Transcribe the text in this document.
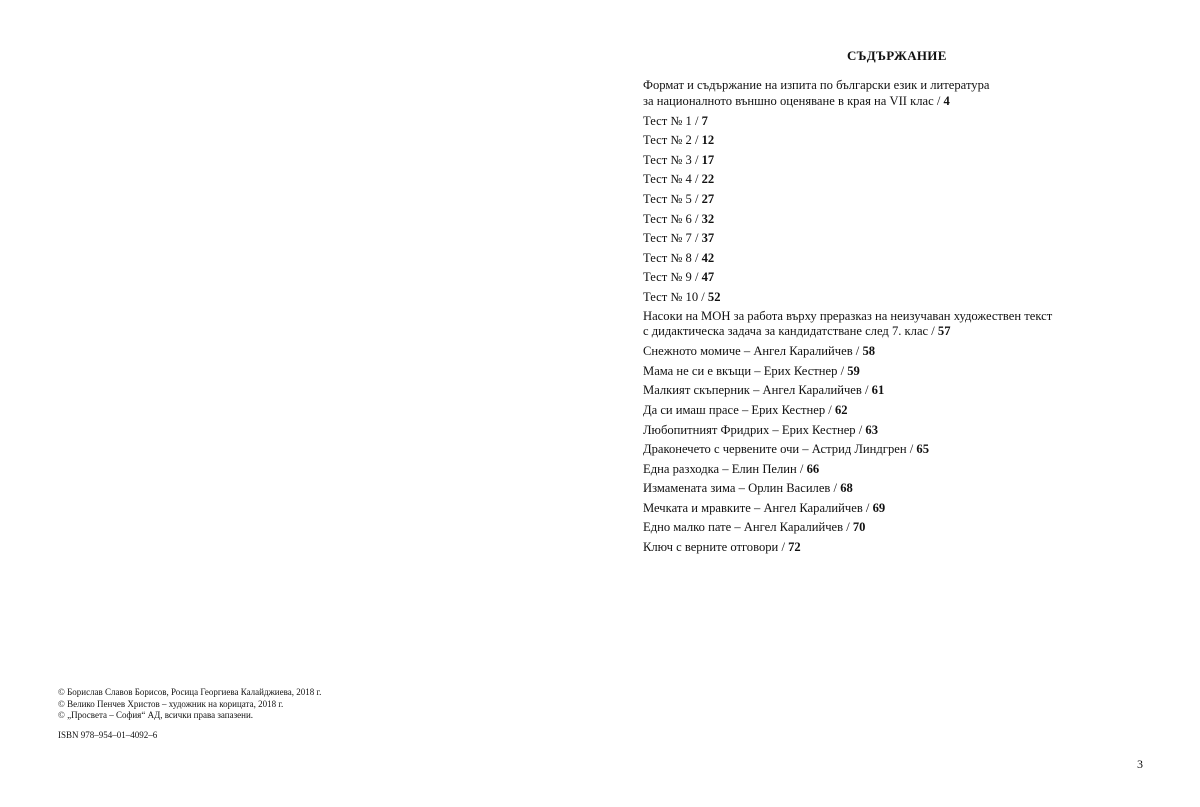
СЪДЪРЖАНИЕ
Формат и съдържание на изпита по български език и литература
за националното външно оценяване в края на VII клас / 4
Тест № 1 / 7
Тест № 2 / 12
Тест № 3 / 17
Тест № 4 / 22
Тест № 5 / 27
Тест № 6 / 32
Тест № 7 / 37
Тест № 8 / 42
Тест № 9 / 47
Тест № 10 / 52
Насоки на МОН за работа върху преразказ на неизучаван художествен текст
с дидактическа задача за кандидатстване след 7. клас / 57
Снежното момиче – Ангел Каралийчев / 58
Мама не си е вкъщи – Ерих Кестнер / 59
Малкият скъперник – Ангел Каралийчев / 61
Да си имаш прасе – Ерих Кестнер / 62
Любопитният Фридрих – Ерих Кестнер / 63
Драконечето с червените очи – Астрид Линдгрен / 65
Една разходка – Елин Пелин / 66
Измамената зима – Орлин Василев / 68
Мечката и мравките – Ангел Каралийчев / 69
Едно малко пате – Ангел Каралийчев / 70
Ключ с верните отговори / 72
© Борислав Славов Борисов, Росица Георгиева Калайджиева, 2018 г.
© Велико Пенчев Христов – художник на корицата, 2018 г.
© „Просвета – София“ АД, всички права запазени.
ISBN 978–954–01–4092–6
3
